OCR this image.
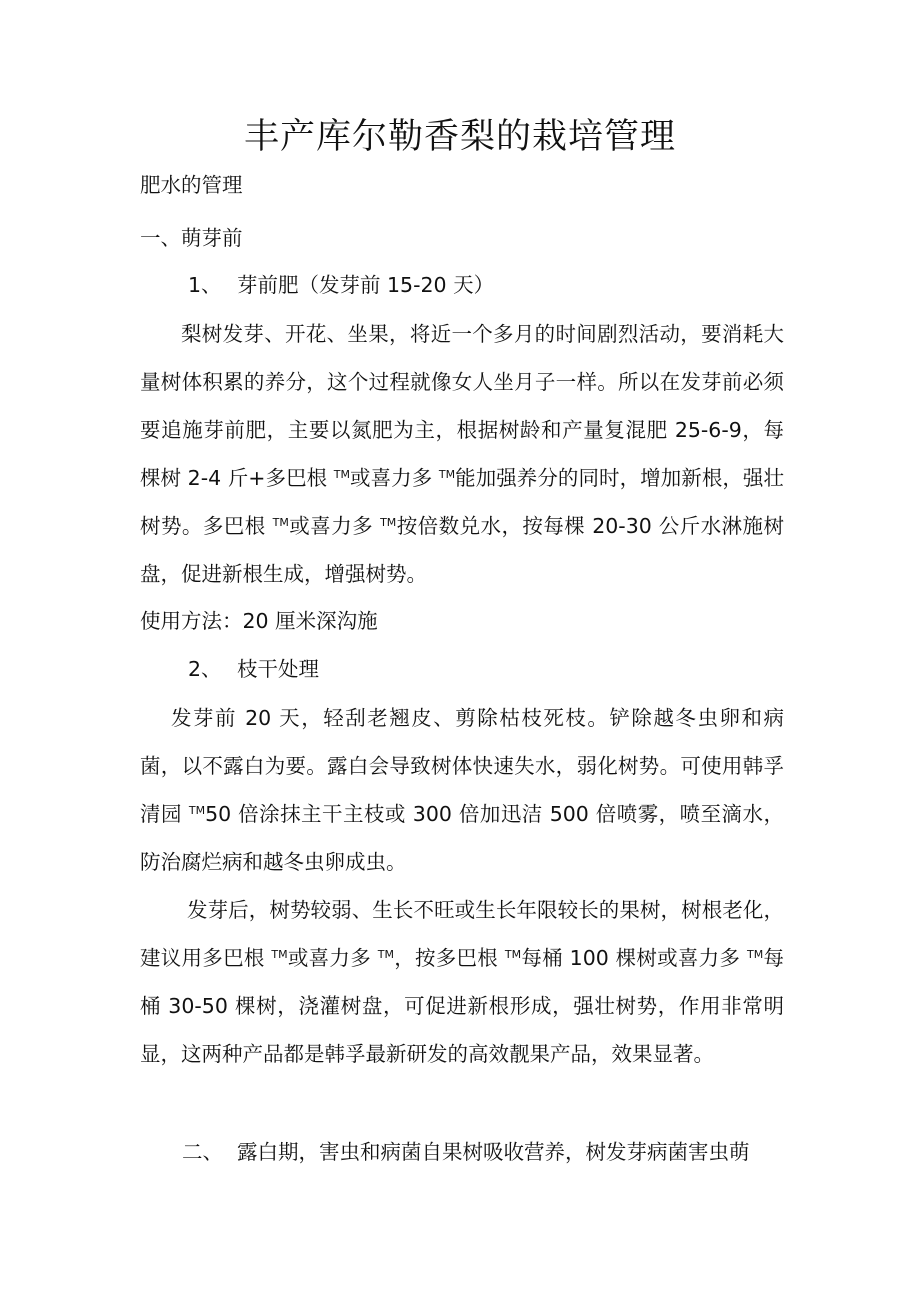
丰产库尔勒香梨的栽培管理
肥水的管理
一、萌芽前
1、 芽前肥（发芽前 15-20 天）

梨树发芽、开花、坐果，将近一个多月的时间剧烈活动，要消耗大量树体积累的养分，这个过程就像女人坐月子一样。所以在发芽前必须要追施芽前肥，主要以氮肥为主，根据树龄和产量复混肥 25-6-9，每棵树 2-4 斤+多巴根 ™或喜力多 ™能加强养分的同时，增加新根，强壮树势。多巴根 ™或喜力多 ™按倍数兑水，按每棵 20-30 公斤水淋施树盘，促进新根生成，增强树势。

使用方法：20 厘米深沟施
2、 枝干处理

发芽前 20 天，轻刮老翘皮、剪除枯枝死枝。铲除越冬虫卵和病菌，以不露白为要。露白会导致树体快速失水，弱化树势。可使用韩孚清园 ™50 倍涂抹主干主枝或 300 倍加迅洁 500 倍喷雾，喷至滴水，防治腐烂病和越冬虫卵成虫。

发芽后，树势较弱、生长不旺或生长年限较长的果树，树根老化，建议用多巴根 ™或喜力多 ™，按多巴根 ™每桶 100 棵树或喜力多 ™每桶 30-50 棵树，浇灌树盘，可促进新根形成，强壮树势，作用非常明显，这两种产品都是韩孚最新研发的高效靓果产品，效果显著。

二、 露白期，害虫和病菌自果树吸收营养，树发芽病菌害虫萌
